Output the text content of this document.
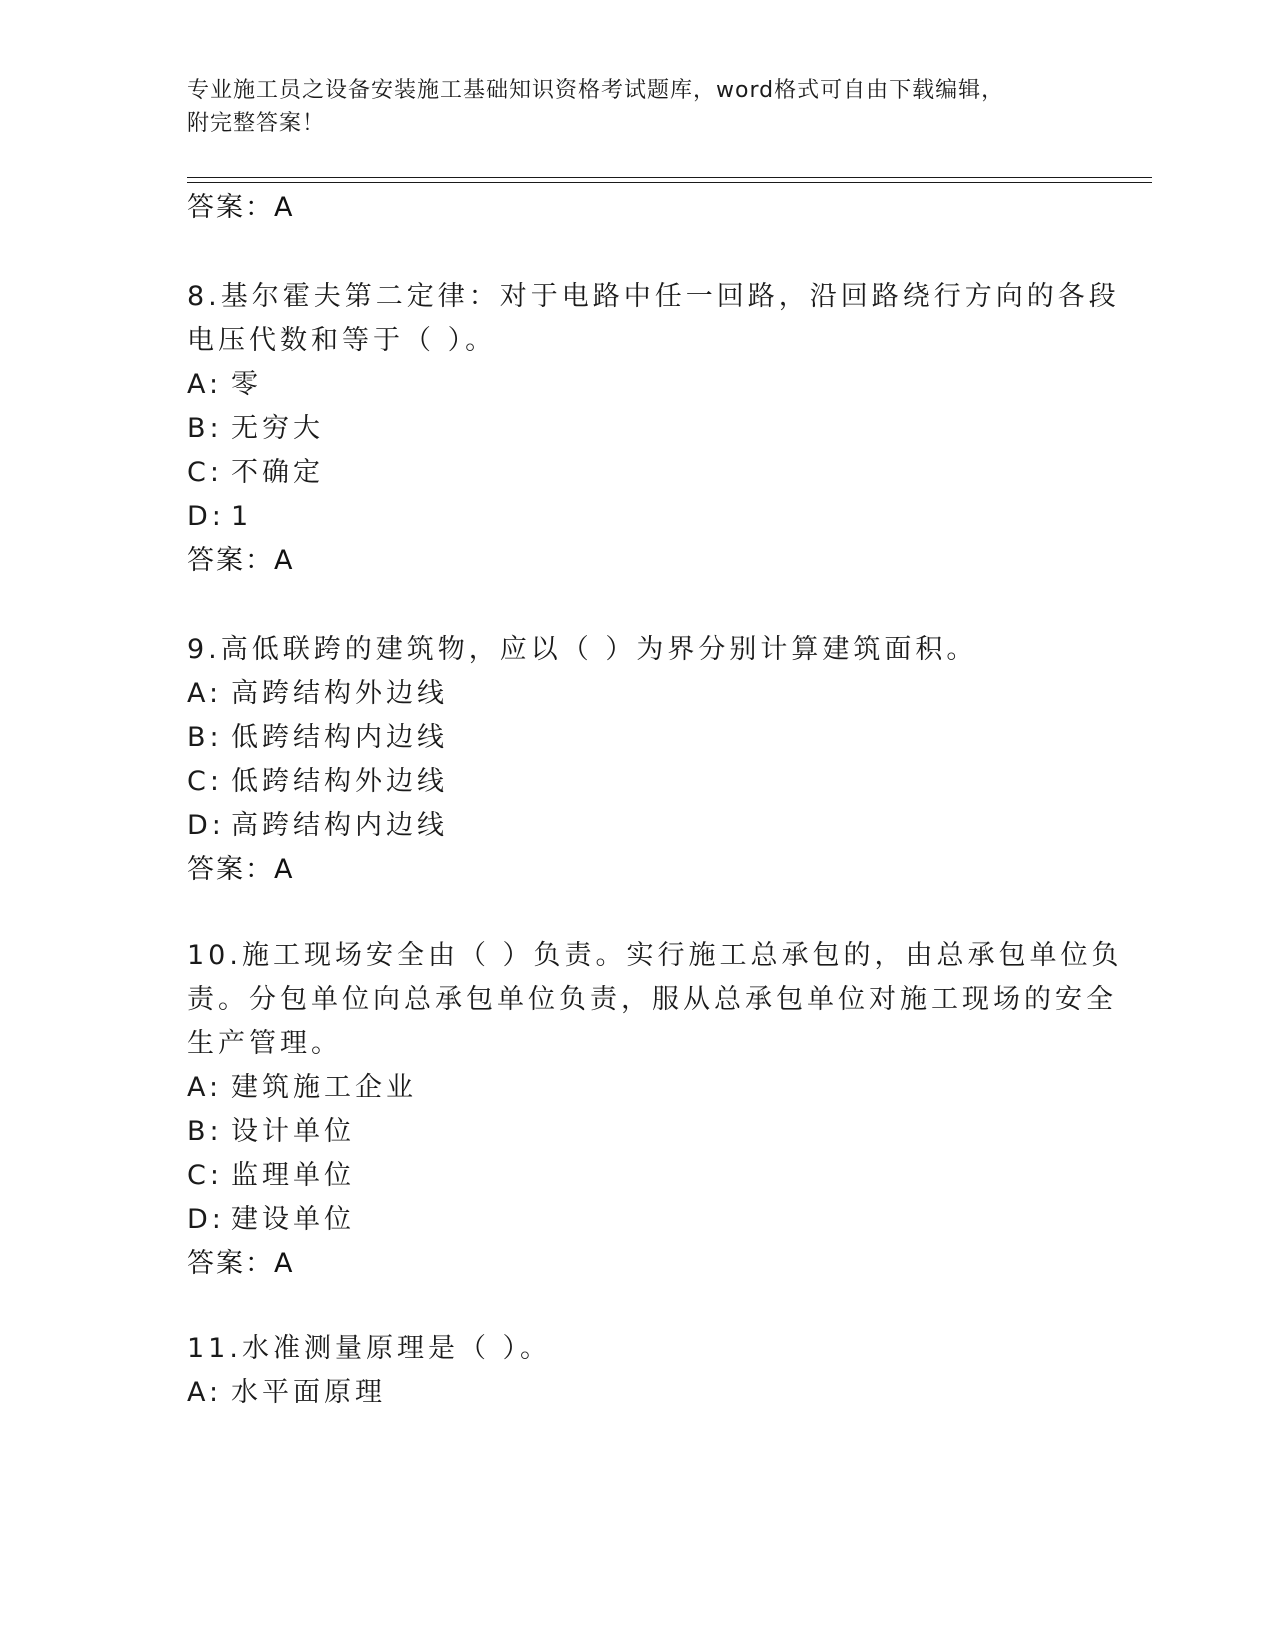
专业施工员之设备安装施工基础知识资格考试题库，word格式可自由下载编辑，
附完整答案！
答案：A
8.基尔霍夫第二定律：对于电路中任一回路，沿回路绕行方向的各段
电压代数和等于（ ）。
A: 零
B: 无穷大
C: 不确定
D: 1
答案：A
9.高低联跨的建筑物，应以（ ）为界分别计算建筑面积。
A: 高跨结构外边线
B: 低跨结构内边线
C: 低跨结构外边线
D: 高跨结构内边线
答案：A
10.施工现场安全由（ ）负责。实行施工总承包的，由总承包单位负
责。分包单位向总承包单位负责，服从总承包单位对施工现场的安全
生产管理。
A: 建筑施工企业
B: 设计单位
C: 监理单位
D: 建设单位
答案：A
11.水准测量原理是（ ）。
A: 水平面原理
